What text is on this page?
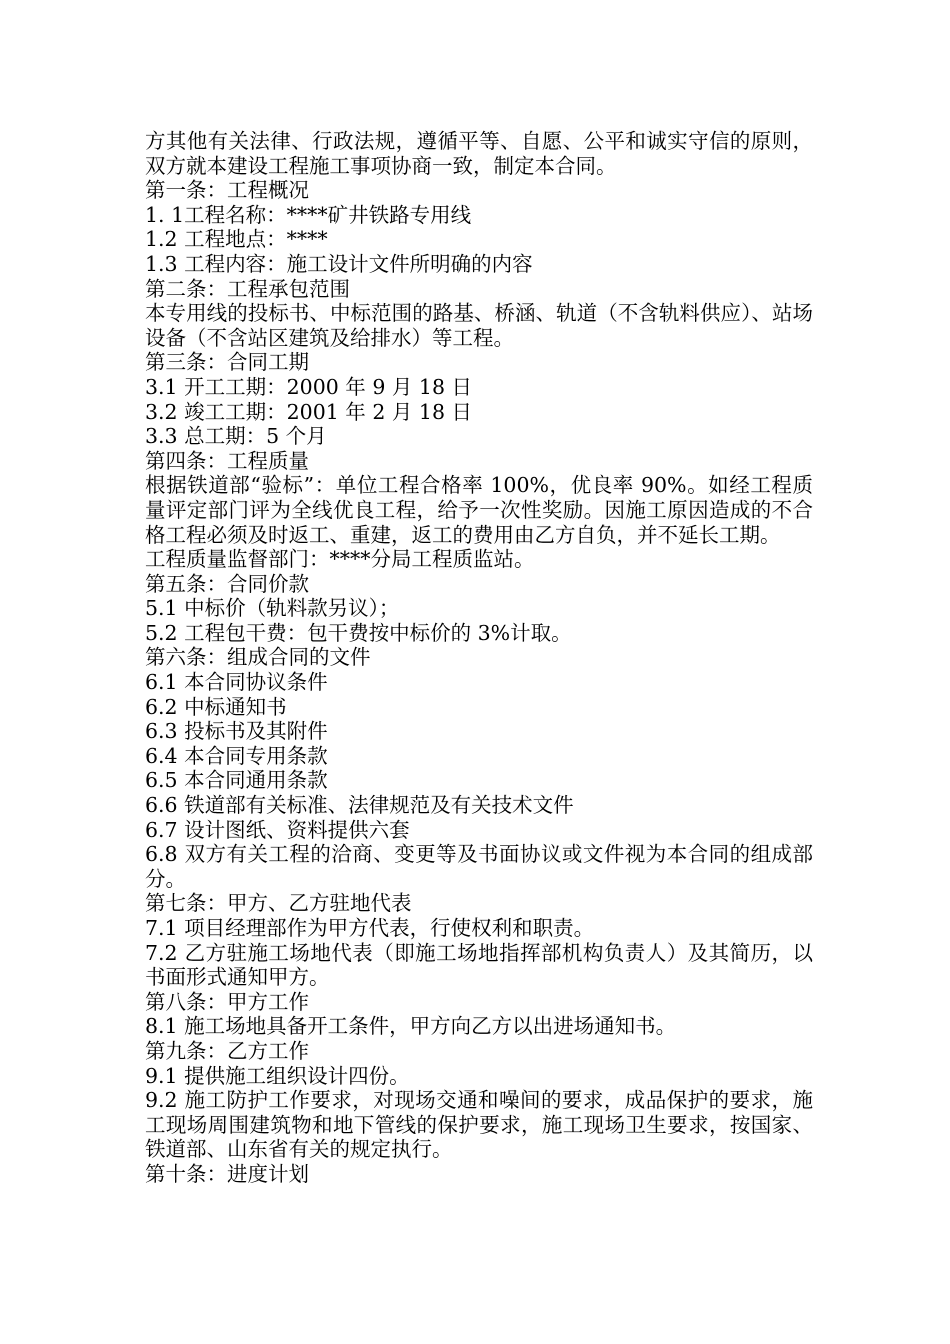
方其他有关法律、行政法规，遵循平等、自愿、公平和诚实守信的原则，双方就本建设工程施工事项协商一致，制定本合同。

第一条：工程概况

1. 1工程名称：****矿井铁路专用线

1.2 工程地点：****

1.3 工程内容：施工设计文件所明确的内容

第二条：工程承包范围

本专用线的投标书、中标范围的路基、桥涵、轨道（不含轨料供应）、站场设备（不含站区建筑及给排水）等工程。

第三条：合同工期

3.1 开工工期：2000 年 9 月 18 日

3.2 竣工工期：2001 年 2 月 18 日

3.3 总工期：5 个月

第四条：工程质量

根据铁道部“验标”：单位工程合格率 100%，优良率 90%。如经工程质量评定部门评为全线优良工程，给予一次性奖励。因施工原因造成的不合格工程必须及时返工、重建，返工的费用由乙方自负，并不延长工期。

工程质量监督部门：****分局工程质监站。

第五条：合同价款

5.1 中标价（轨料款另议）；

5.2 工程包干费：包干费按中标价的 3%计取。

第六条：组成合同的文件

6.1 本合同协议条件

6.2 中标通知书

6.3 投标书及其附件

6.4 本合同专用条款

6.5 本合同通用条款

6.6 铁道部有关标准、法律规范及有关技术文件

6.7 设计图纸、资料提供六套

6.8 双方有关工程的洽商、变更等及书面协议或文件视为本合同的组成部分。

第七条：甲方、乙方驻地代表

7.1 项目经理部作为甲方代表，行使权利和职责。

7.2 乙方驻施工场地代表（即施工场地指挥部机构负责人）及其简历，以书面形式通知甲方。

第八条：甲方工作

8.1 施工场地具备开工条件，甲方向乙方以出进场通知书。

第九条：乙方工作

9.1 提供施工组织设计四份。

9.2 施工防护工作要求，对现场交通和噪间的要求，成品保护的要求，施工现场周围建筑物和地下管线的保护要求，施工现场卫生要求，按国家、铁道部、山东省有关的规定执行。

第十条：进度计划
